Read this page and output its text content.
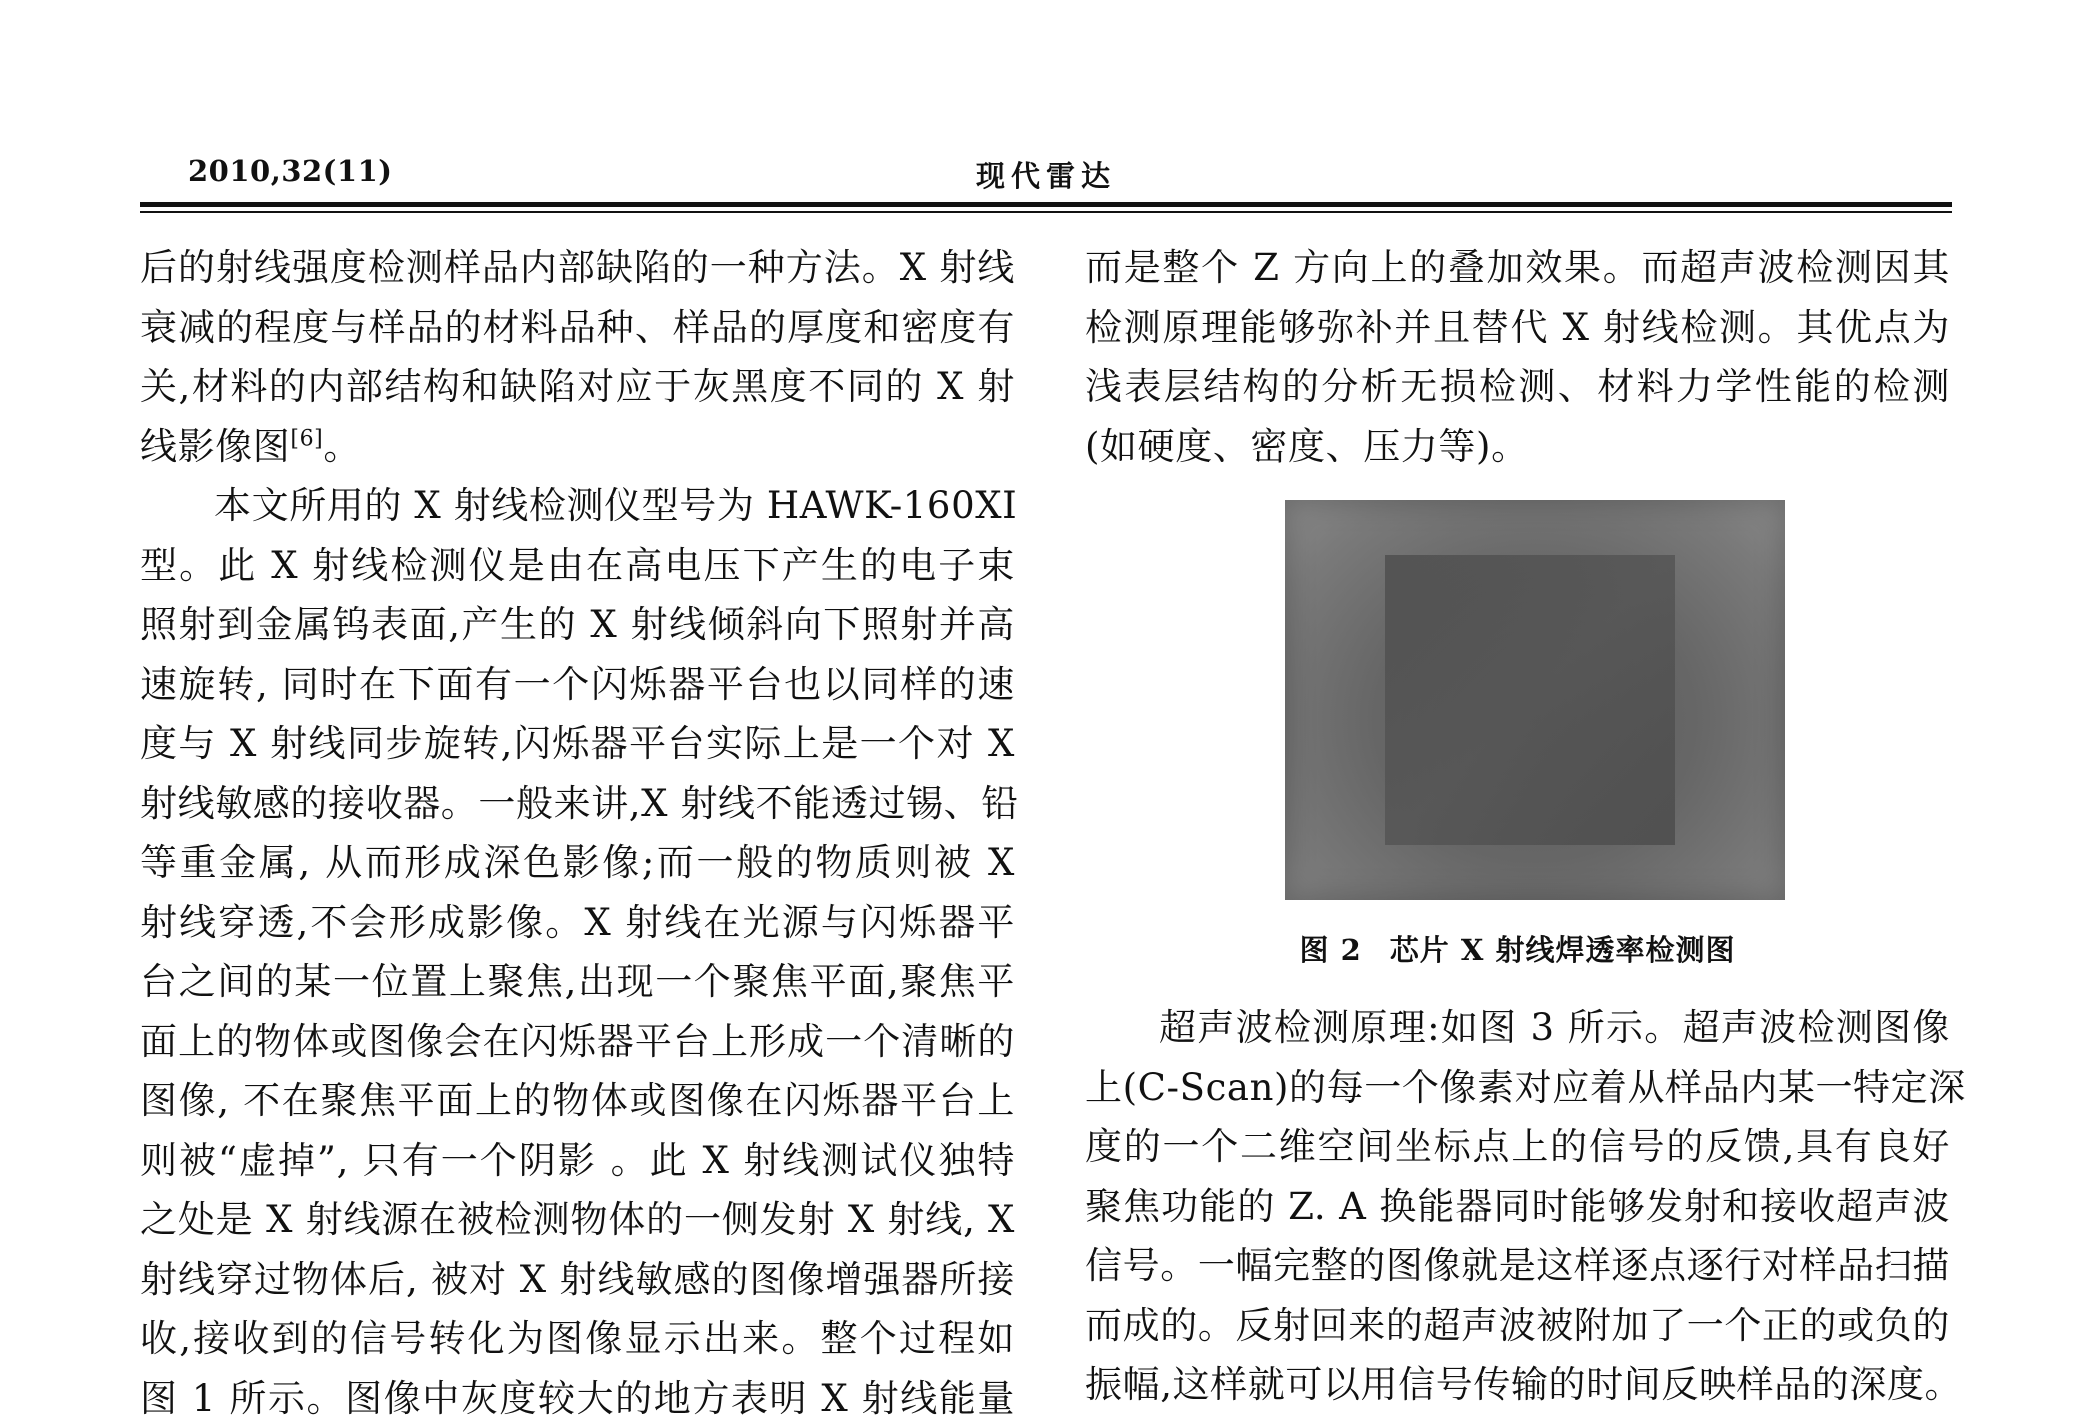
2010,32(11)	现代雷达
后的射线强度检测样品内部缺陷的一种方法。X 射线
衰减的程度与样品的材料品种、样品的厚度和密度有
关,材料的内部结构和缺陷对应于灰黑度不同的 X 射
线影像图[6]。
本文所用的 X 射线检测仪型号为 HAWK-160XI
型。此 X 射线检测仪是由在高电压下产生的电子束
照射到金属钨表面,产生的 X 射线倾斜向下照射并高
速旋转, 同时在下面有一个闪烁器平台也以同样的速
度与 X 射线同步旋转,闪烁器平台实际上是一个对 X
射线敏感的接收器。一般来讲,X 射线不能透过锡、铅
等重金属, 从而形成深色影像;而一般的物质则被 X
射线穿透,不会形成影像。X 射线在光源与闪烁器平
台之间的某一位置上聚焦,出现一个聚焦平面,聚焦平
面上的物体或图像会在闪烁器平台上形成一个清晰的
图像, 不在聚焦平面上的物体或图像在闪烁器平台上
则被“虚掉”, 只有一个阴影 。此 X 射线测试仪独特
之处是 X 射线源在被检测物体的一侧发射 X 射线, X
射线穿过物体后, 被对 X 射线敏感的图像增强器所接
收,接收到的信号转化为图像显示出来。整个过程如
图 1 所示。图像中灰度较大的地方表明 X 射线能量
而是整个 Z 方向上的叠加效果。而超声波检测因其
检测原理能够弥补并且替代 X 射线检测。其优点为
浅表层结构的分析无损检测、材料力学性能的检测
(如硬度、密度、压力等)。
图 2 芯片 X 射线焊透率检测图
超声波检测原理:如图 3 所示。超声波检测图像
上(C-Scan)的每一个像素对应着从样品内某一特定深
度的一个二维空间坐标点上的信号的反馈,具有良好
聚焦功能的 Z. A 换能器同时能够发射和接收超声波
信号。一幅完整的图像就是这样逐点逐行对样品扫描
而成的。反射回来的超声波被附加了一个正的或负的
振幅,这样就可以用信号传输的时间反映样品的深度。
